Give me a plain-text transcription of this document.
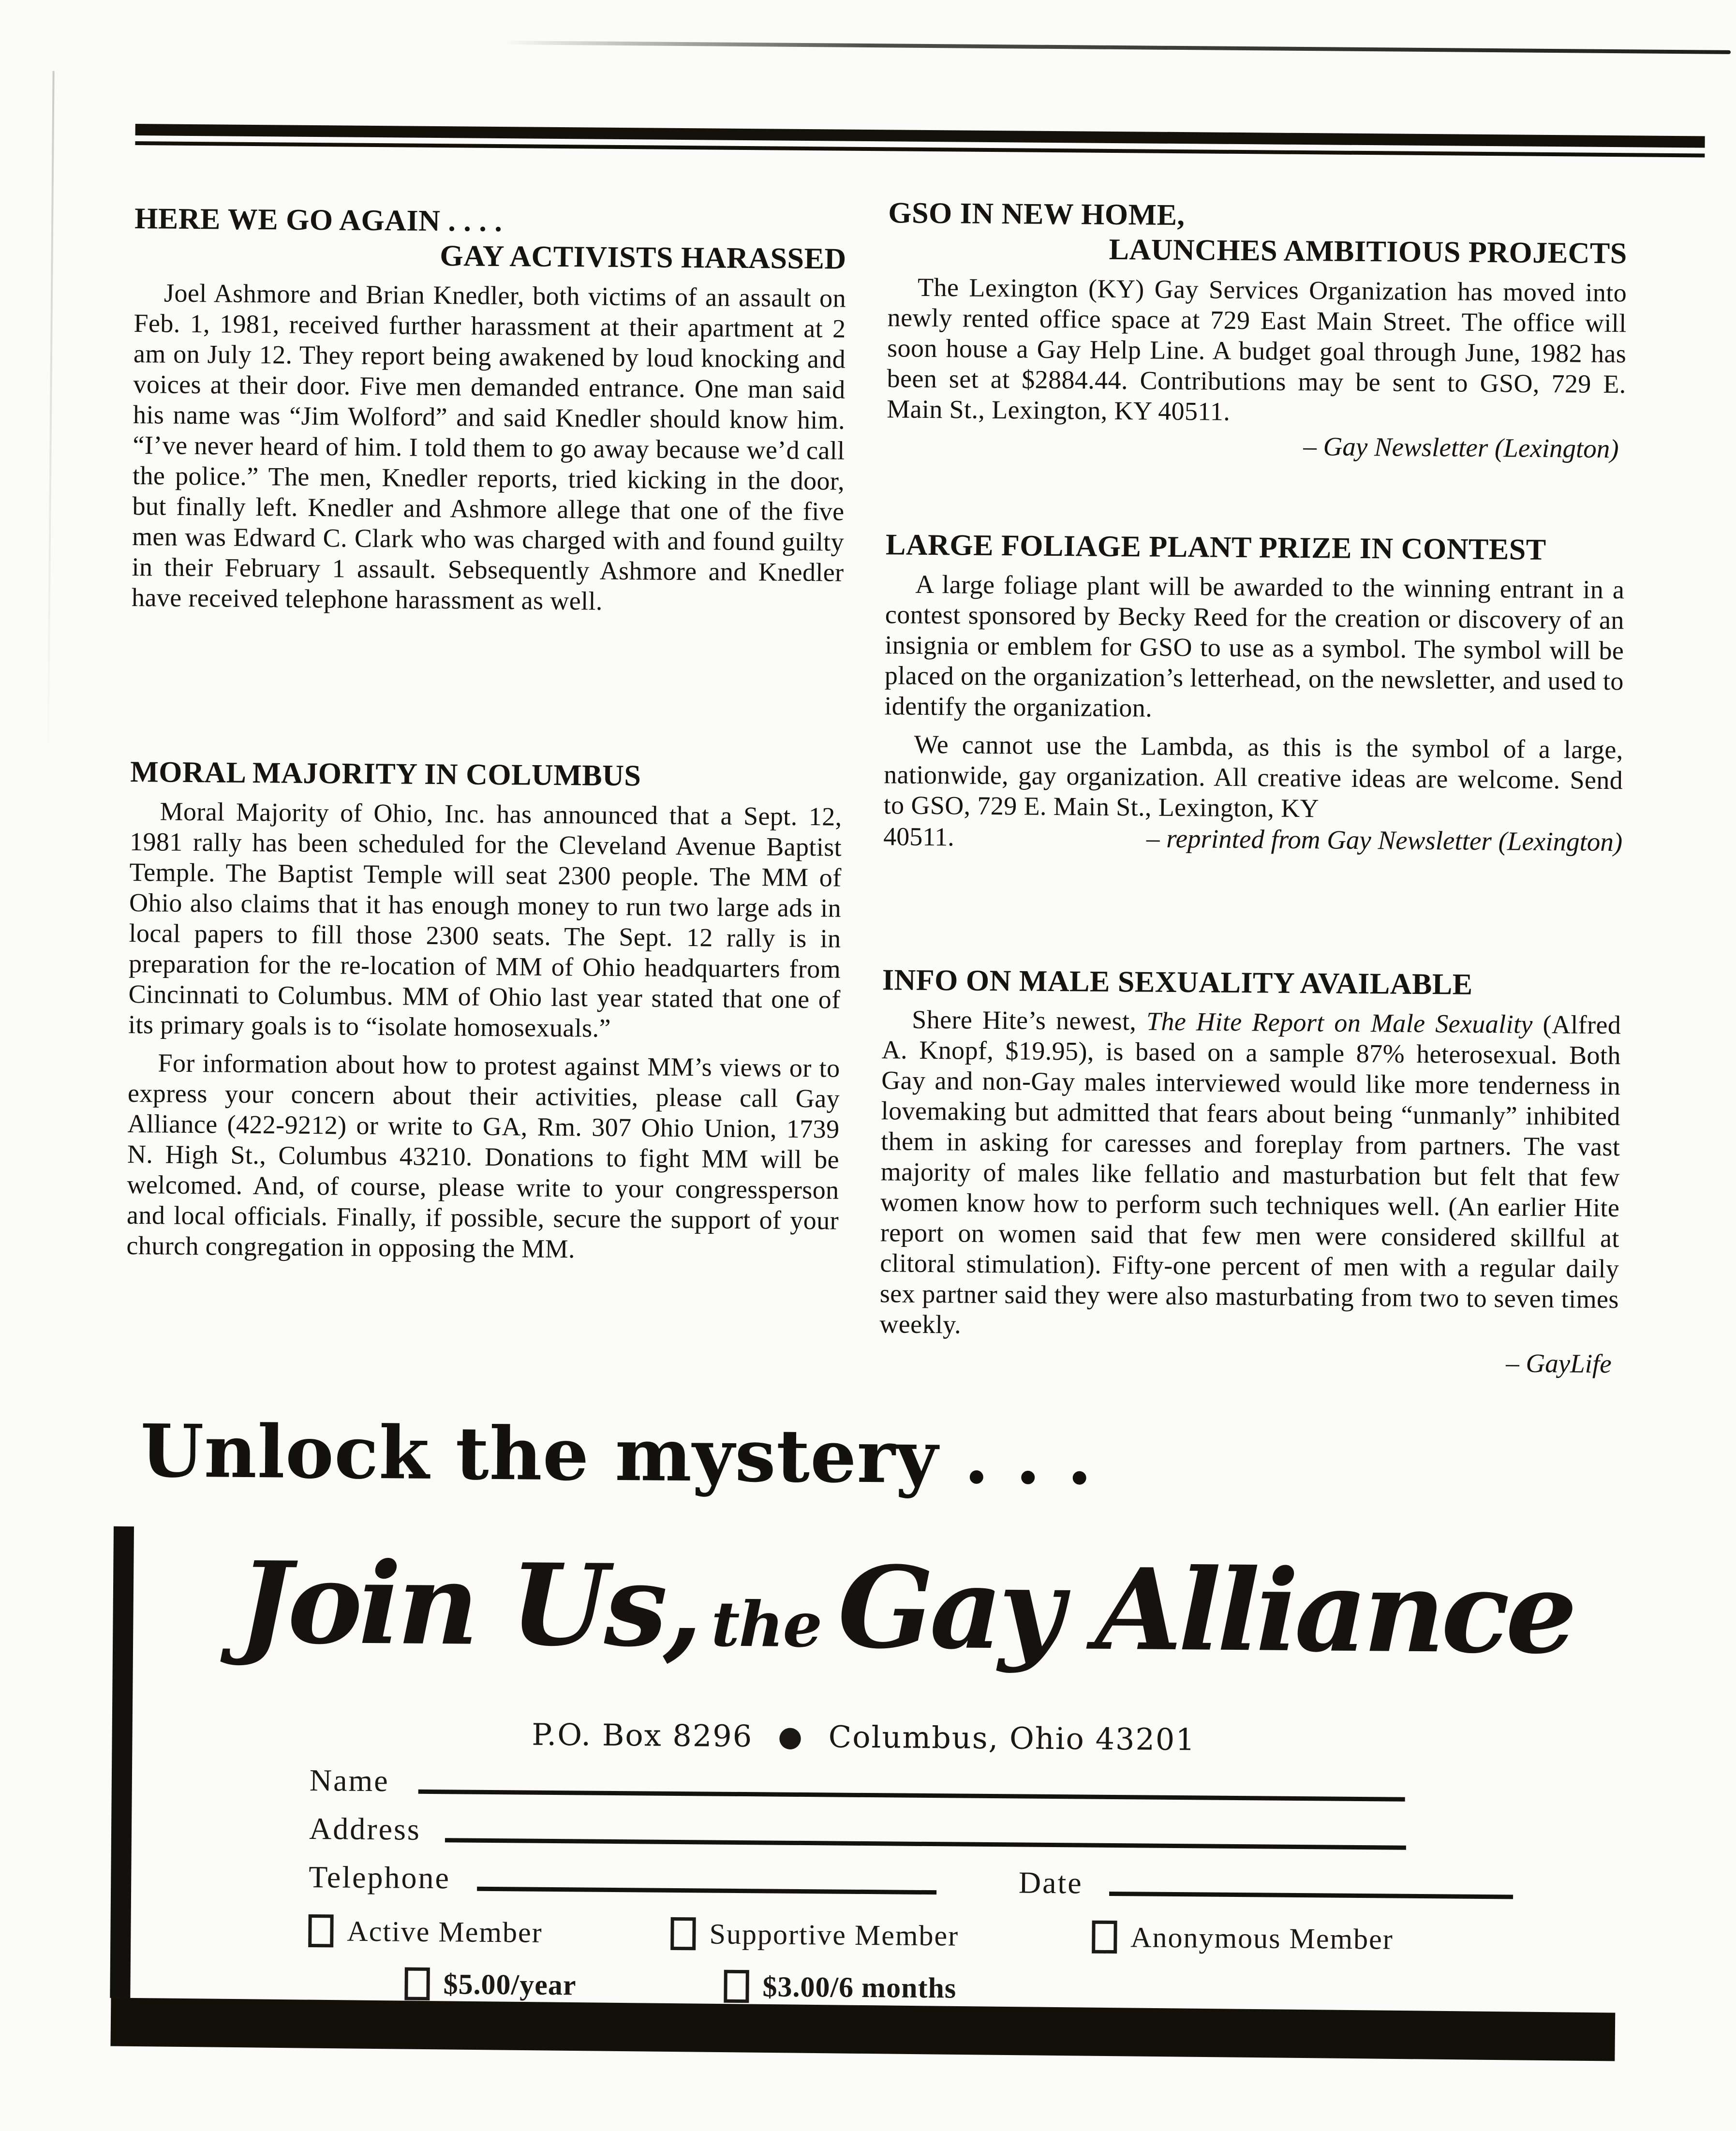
HERE WE GO AGAIN . . . .
GAY ACTIVISTS HARASSED

Joel Ashmore and Brian Knedler, both victims of an assault on Feb. 1, 1981, received further harassment at their apartment at 2 am on July 12. They report being awakened by loud knocking and voices at their door. Five men demanded entrance. One man said his name was “Jim Wolford” and said Knedler should know him. “I’ve never heard of him. I told them to go away because we’d call the police.” The men, Knedler reports, tried kicking in the door, but finally left. Knedler and Ashmore allege that one of the five men was Edward C. Clark who was charged with and found guilty in their February 1 assault. Sebsequently Ashmore and Knedler have received telephone harassment as well.

MORAL MAJORITY IN COLUMBUS

Moral Majority of Ohio, Inc. has announced that a Sept. 12, 1981 rally has been scheduled for the Cleveland Avenue Baptist Temple. The Baptist Temple will seat 2300 people. The MM of Ohio also claims that it has enough money to run two large ads in local papers to fill those 2300 seats. The Sept. 12 rally is in preparation for the re-location of MM of Ohio headquarters from Cincinnati to Columbus. MM of Ohio last year stated that one of its primary goals is to “isolate homosexuals.”

For information about how to protest against MM’s views or to express your concern about their activities, please call Gay Alliance (422-9212) or write to GA, Rm. 307 Ohio Union, 1739 N. High St., Columbus 43210. Donations to fight MM will be welcomed. And, of course, please write to your congressperson and local officials. Finally, if possible, secure the support of your church congregation in opposing the MM.

GSO IN NEW HOME,
LAUNCHES AMBITIOUS PROJECTS

The Lexington (KY) Gay Services Organization has moved into newly rented office space at 729 East Main Street. The office will soon house a Gay Help Line. A budget goal through June, 1982 has been set at $2884.44. Contributions may be sent to GSO, 729 E. Main St., Lexington, KY 40511.

– Gay Newsletter (Lexington)
LARGE FOLIAGE PLANT PRIZE IN CONTEST

A large foliage plant will be awarded to the winning entrant in a contest sponsored by Becky Reed for the creation or discovery of an insignia or emblem for GSO to use as a symbol. The symbol will be placed on the organization’s letterhead, on the newsletter, and used to identify the organization.

We cannot use the Lambda, as this is the symbol of a large, nationwide, gay organization. All creative ideas are welcome. Send to GSO, 729 E. Main St., Lexington, KY

40511.	– reprinted from Gay Newsletter (Lexington)
INFO ON MALE SEXUALITY AVAILABLE

Shere Hite’s newest, The Hite Report on Male Sexuality (Alfred A. Knopf, $19.95), is based on a sample 87% heterosexual. Both Gay and non-Gay males interviewed would like more tenderness in lovemaking but admitted that fears about being “unmanly” inhibited them in asking for caresses and foreplay from partners. The vast majority of males like fellatio and masturbation but felt that few women know how to perform such techniques well. (An earlier Hite report on women said that few men were considered skillful at clitoral stimulation). Fifty-one percent of men with a regular daily sex partner said they were also masturbating from two to seven times weekly.

– GayLife
Unlock the mystery . . .
Join Us, the Gay Alliance
P.O. Box 8296 ● Columbus, Ohio 43201
Name
Address
Telephone	Date
Active Member	Supportive Member	Anonymous Member
$5.00/year	$3.00/6 months
